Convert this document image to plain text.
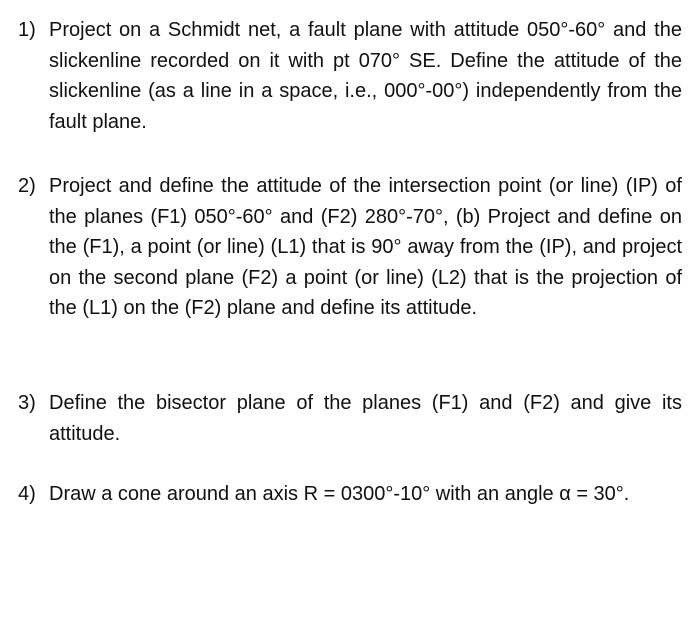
1) Project on a Schmidt net, a fault plane with attitude 050°-60° and the slickenline recorded on it with pt 070° SE. Define the attitude of the slickenline (as a line in a space, i.e., 000°-00°) independently from the fault plane.
2) Project and define the attitude of the intersection point (or line) (IP) of the planes (F1) 050°-60° and (F2) 280°-70°, (b) Project and define on the (F1), a point (or line) (L1) that is 90° away from the (IP), and project on the second plane (F2) a point (or line) (L2) that is the projection of the (L1) on the (F2) plane and define its attitude.
3) Define the bisector plane of the planes (F1) and (F2) and give its attitude.
4) Draw a cone around an axis R = 0300°-10° with an angle α = 30°.
